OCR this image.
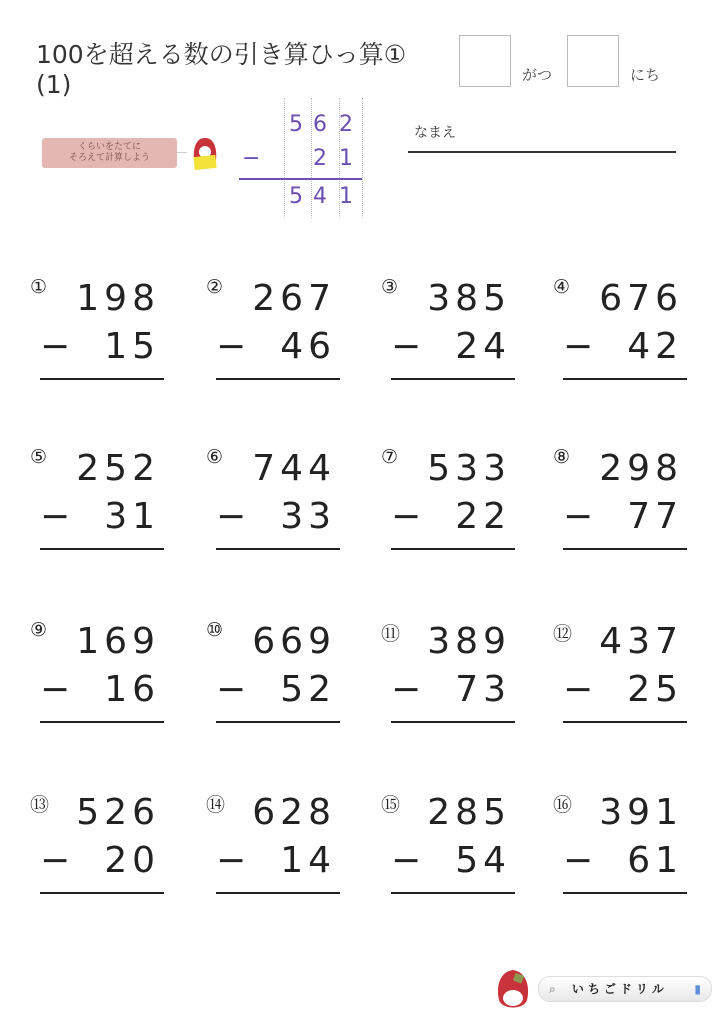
100を超える数の引き算ひっ算①
(1)	がつ	にち
なまえ
くらいをたてに
そろえて計算しよう
5 6 2
2 1
5 4 1
−
① 198
− 15
② 267
− 46
③ 385
− 24
④ 676
− 42
⑤ 252
− 31
⑥ 744
− 33
⑦ 533
− 22
⑧ 298
− 77
⑨ 169
− 16
⑩ 669
− 52
⑪ 389
− 73
⑫ 437
− 25
⑬ 526
− 20
⑭ 628
− 14
⑮ 285
− 54
⑯ 391
− 61
⌕ いちごドリル ▮
